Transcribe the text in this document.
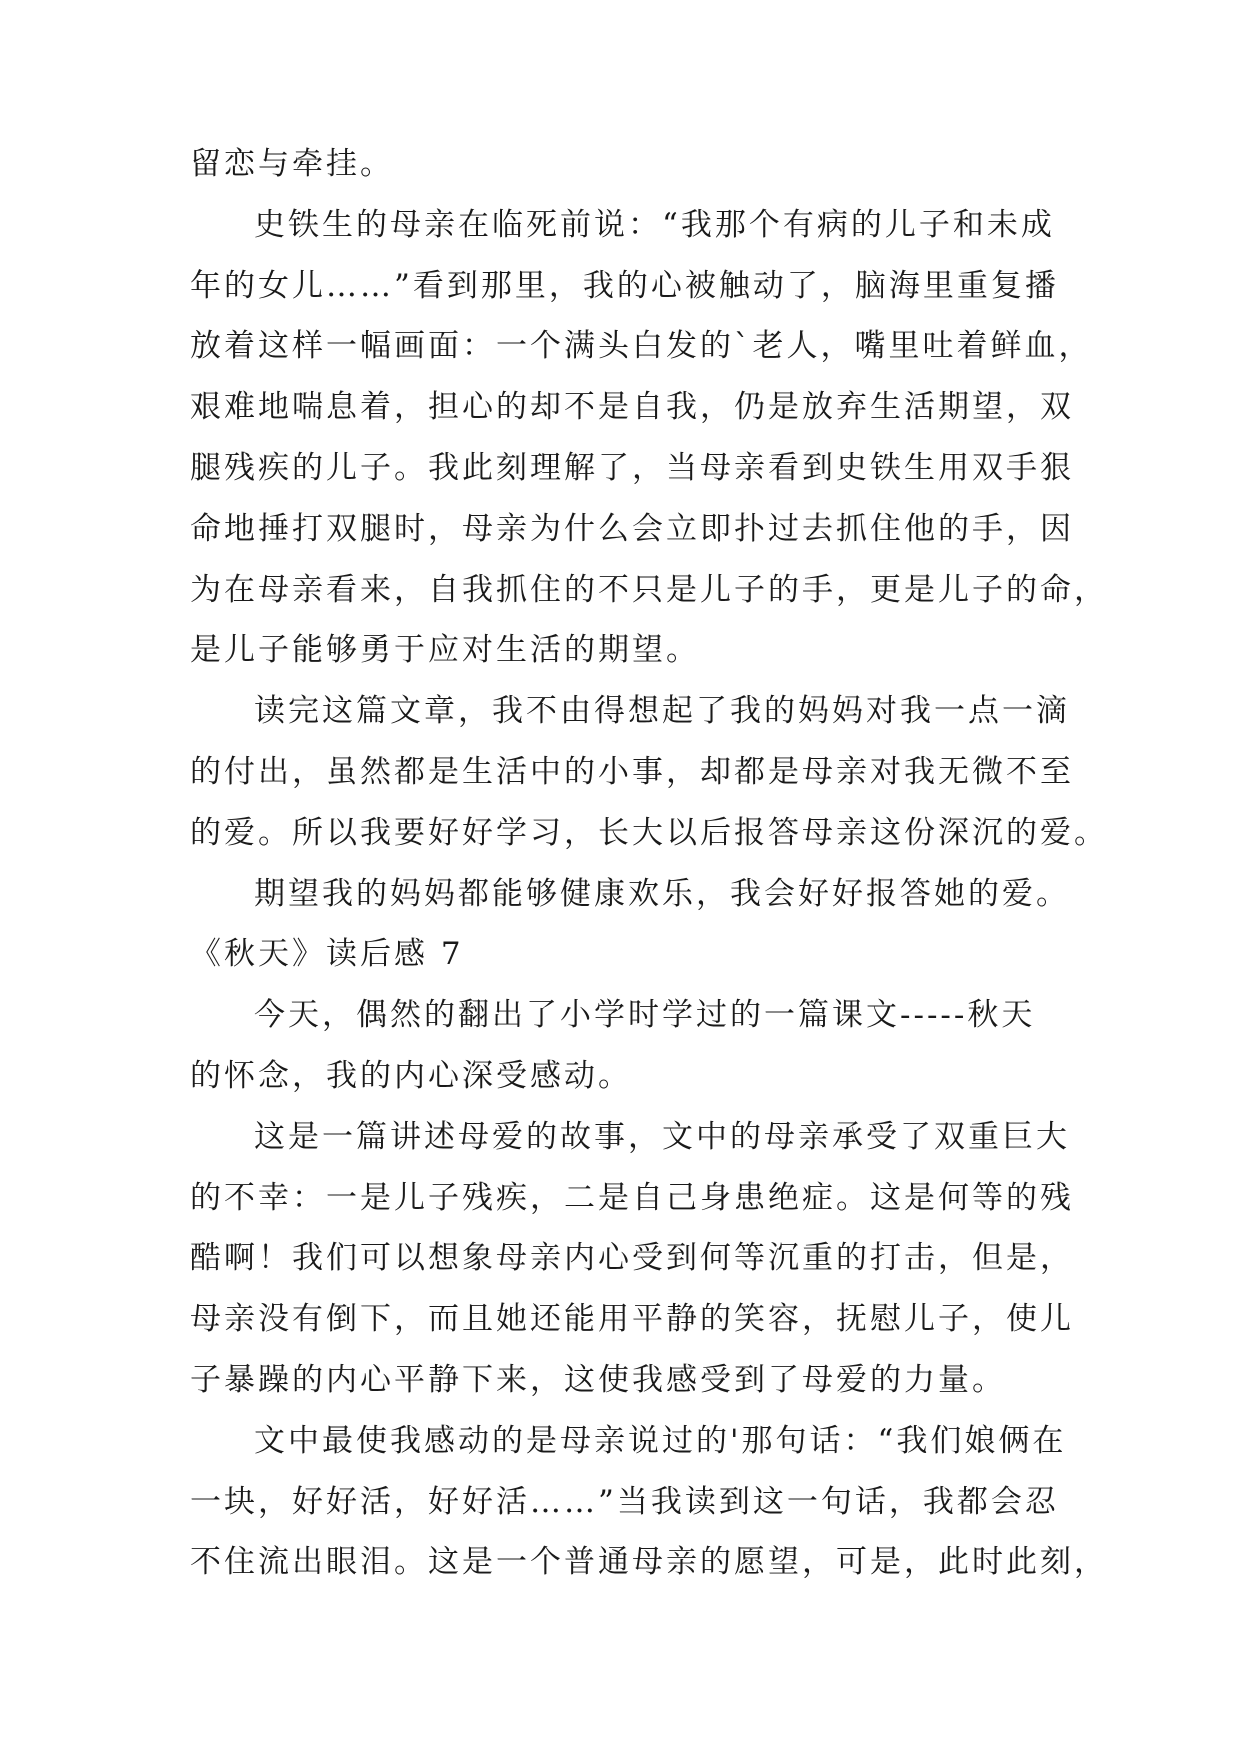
留恋与牵挂。
史铁生的母亲在临死前说：“我那个有病的儿子和未成
年的女儿……”看到那里，我的心被触动了，脑海里重复播
放着这样一幅画面：一个满头白发的`老人，嘴里吐着鲜血，
艰难地喘息着，担心的却不是自我，仍是放弃生活期望，双
腿残疾的儿子。我此刻理解了，当母亲看到史铁生用双手狠
命地捶打双腿时，母亲为什么会立即扑过去抓住他的手，因
为在母亲看来，自我抓住的不只是儿子的手，更是儿子的命，
是儿子能够勇于应对生活的期望。
读完这篇文章，我不由得想起了我的妈妈对我一点一滴
的付出，虽然都是生活中的小事，却都是母亲对我无微不至
的爱。所以我要好好学习，长大以后报答母亲这份深沉的爱。
期望我的妈妈都能够健康欢乐，我会好好报答她的爱。
《秋天》读后感 7
今天，偶然的翻出了小学时学过的一篇课文-----秋天
的怀念，我的内心深受感动。
这是一篇讲述母爱的故事，文中的母亲承受了双重巨大
的不幸：一是儿子残疾，二是自己身患绝症。这是何等的残
酷啊！我们可以想象母亲内心受到何等沉重的打击，但是，
母亲没有倒下，而且她还能用平静的笑容，抚慰儿子，使儿
子暴躁的内心平静下来，这使我感受到了母爱的力量。
文中最使我感动的是母亲说过的'那句话：“我们娘俩在
一块，好好活，好好活……”当我读到这一句话，我都会忍
不住流出眼泪。这是一个普通母亲的愿望，可是，此时此刻，
